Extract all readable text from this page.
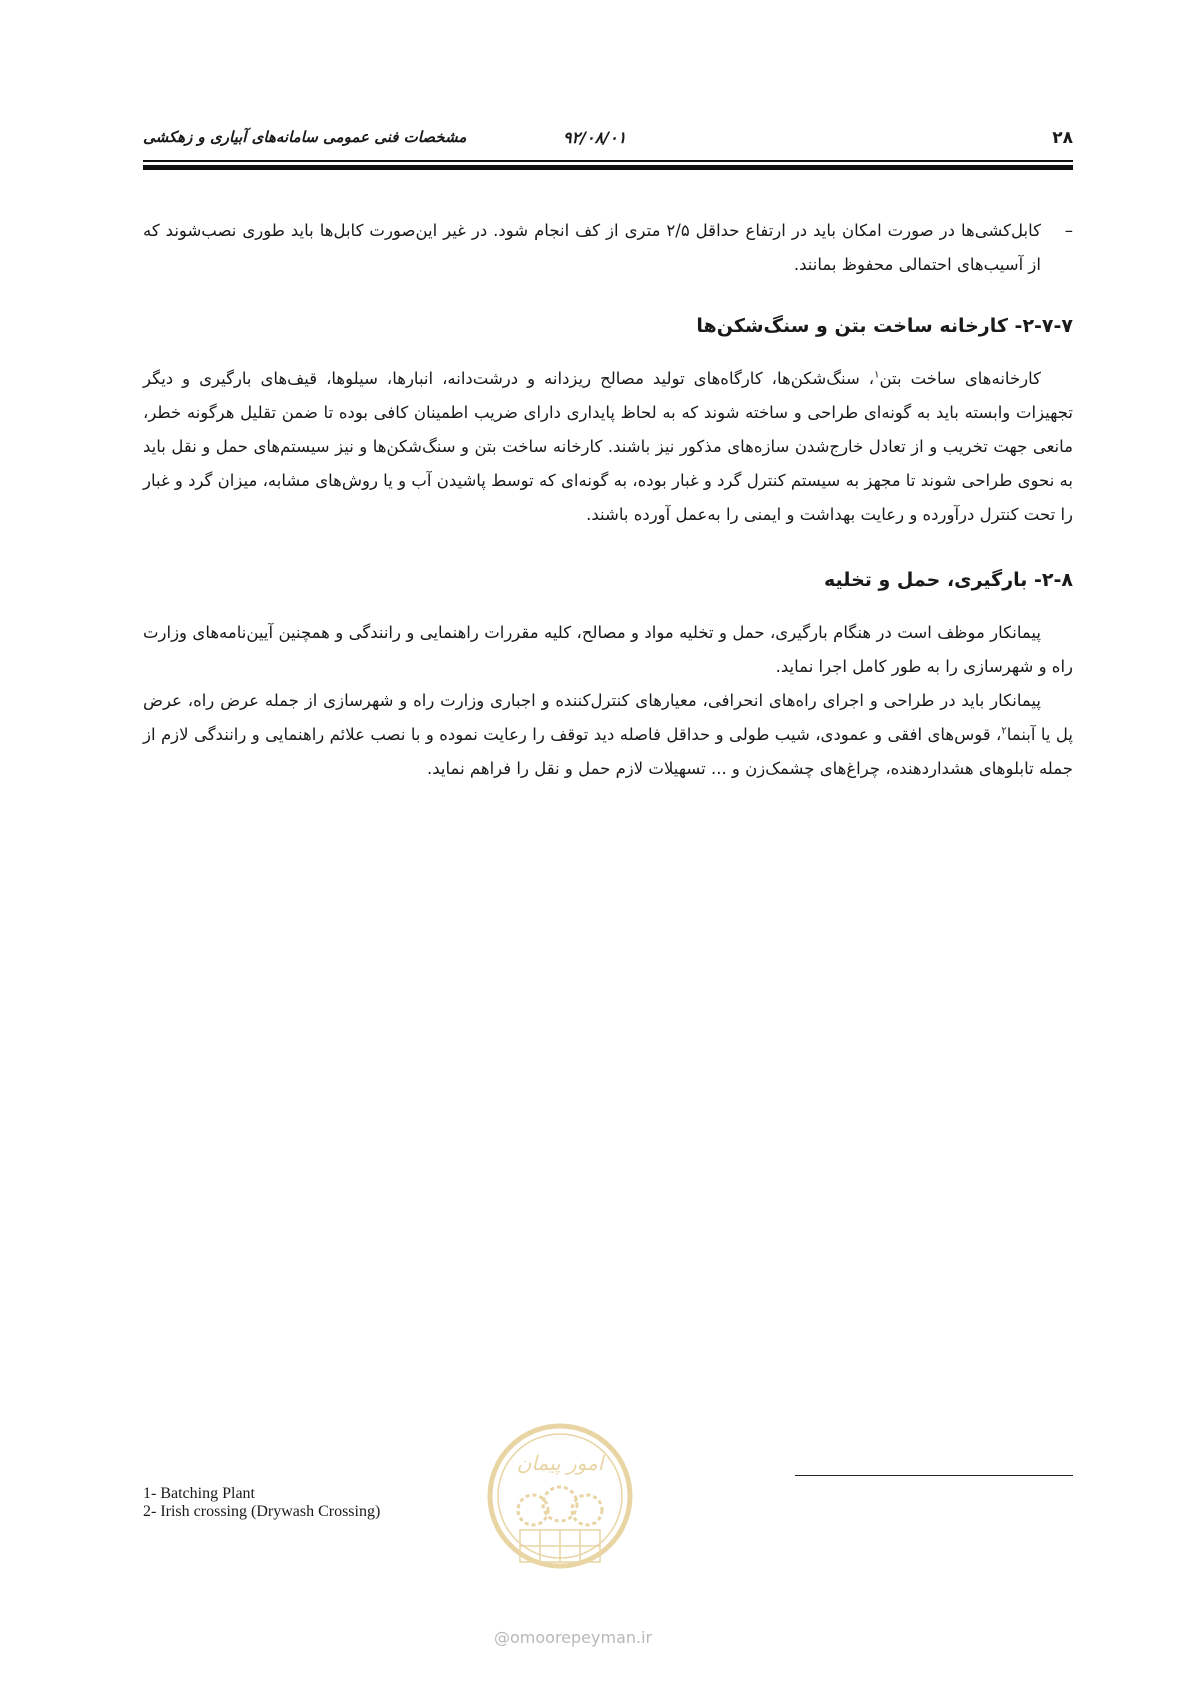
۲۸
۹۲/۰۸/۰۱
مشخصات فنی عمومی سامانه‌های آبیاری و زهکشی
–
کابل‌کشی‌ها در صورت امکان باید در ارتفاع حداقل ۲/۵ متری از کف انجام شود. در غیر این‌صورت کابل‌ها باید طوری نصب‌شوند که از آسیب‌های احتمالی محفوظ بمانند.
۲-۷-۷- کارخانه ساخت بتن و سنگ‌شکن‌ها

کارخانه‌های ساخت بتن$^۱$، سنگ‌شکن‌ها، کارگاه‌های تولید مصالح ریزدانه و درشت‌دانه، انبارها، سیلوها، قیف‌های بارگیری و دیگر تجهیزات وابسته باید به گونه‌ای طراحی و ساخته شوند که به لحاظ پایداری دارای ضریب اطمینان کافی بوده تا ضمن تقلیل هرگونه خطر، مانعی جهت تخریب و از تعادل خارج‌شدن سازه‌های مذکور نیز باشند. کارخانه ساخت بتن و سنگ‌شکن‌ها و نیز سیستم‌های حمل و نقل باید به نحوی طراحی شوند تا مجهز به سیستم کنترل گرد و غبار بوده، به گونه‌ای که توسط پاشیدن آب و یا روش‌های مشابه، میزان گرد و غبار را تحت کنترل درآورده و رعایت بهداشت و ایمنی را به‌عمل آورده باشند.

۲-۸- بارگیری، حمل و تخلیه

پیمانکار موظف است در هنگام بارگیری، حمل و تخلیه مواد و مصالح، کلیه مقررات راهنمایی و رانندگی و همچنین آیین‌نامه‌های وزارت راه و شهرسازی را به طور کامل اجرا نماید.

پیمانکار باید در طراحی و اجرای راه‌های انحرافی، معیارهای کنترل‌کننده و اجباری وزارت راه و شهرسازی از جمله عرض راه، عرض پل یا آبنما$^۲$، قوس‌های افقی و عمودی، شیب طولی و حداقل فاصله دید توقف را رعایت نموده و با نصب علائم راهنمایی و رانندگی لازم از جمله تابلوهای هشداردهنده، چراغ‌های چشمک‌زن و ... تسهیلات لازم حمل و نقل را فراهم نماید.

1- Batching Plant
2- Irish crossing (Drywash Crossing)
امور پیمان
@omoorepeyman.ir
